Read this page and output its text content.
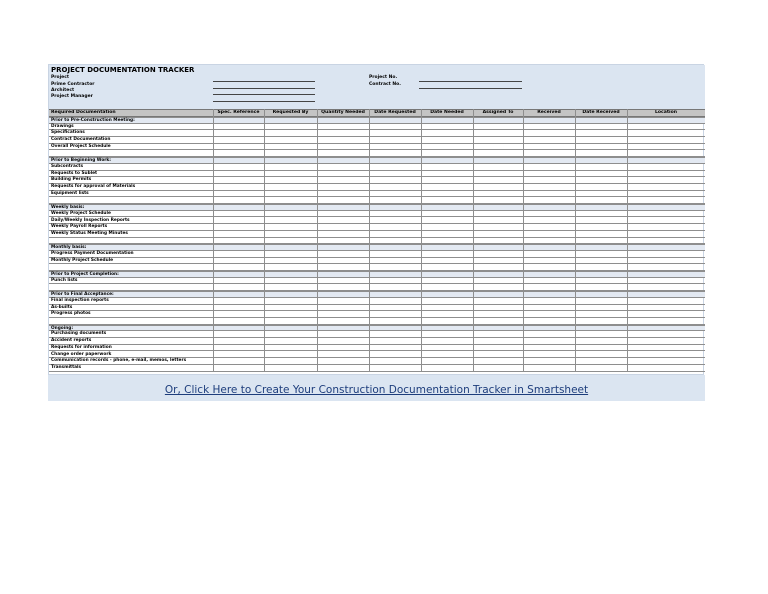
PROJECT DOCUMENTATION TRACKER
Project
Prime Contractor
Architect
Project Manager
Project No.
Contract No.
Required Documentation	Spec. Reference	Requested By	Quantity Needed	Date Requested	Date Needed	Assigned To	Received	Date Received	Location
Prior to Pre-Construction Meeting:
Drawings
Specifications
Contract Documentation
Overall Project Schedule
Prior to Beginning Work:
Subcontracts
Requests to Sublet
Building Permits
Requests for approval of Materials
Equipment lists
Weekly basis:
Weekly Project Schedule
Daily/Weekly Inspection Reports
Weekly Payroll Reports
Weekly Status Meeting Minutes
Monthly basis:
Progress Payment Documentation
Monthly Project Schedule
Prior to Project Completion:
Punch lists
Prior to Final Acceptance:
Final inspection reports
As-builts
Progress photos
Ongoing:
Purchasing documents
Accident reports
Requests for information
Change order paperwork
Communication records - phone, e-mail, memos, letters
Transmittals
Or, Click Here to Create Your Construction Documentation Tracker in Smartsheet
